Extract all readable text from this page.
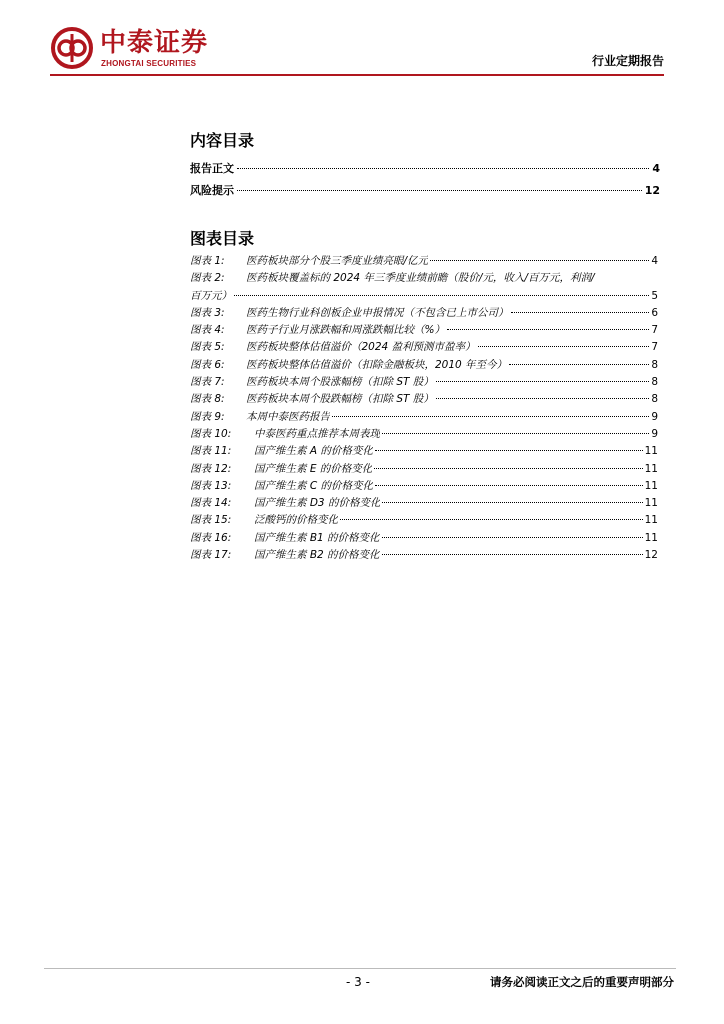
中泰证券
ZHONGTAI SECURITIES	行业定期报告
内容目录
报告正文	4
风险提示	12
图表目录
图表 1:	医药板块部分个股三季度业绩亮眼/亿元	4
图表 2:	医药板块覆盖标的 2024 年三季度业绩前瞻（股价/元，收入/百万元，利润/
百万元）	5
图表 3:	医药生物行业科创板企业申报情况（不包含已上市公司）	6
图表 4:	医药子行业月涨跌幅和周涨跌幅比较（%）	7
图表 5:	医药板块整体估值溢价（2024 盈利预测市盈率）	7
图表 6:	医药板块整体估值溢价（扣除金融板块，2010 年至今）	8
图表 7:	医药板块本周个股涨幅榜（扣除 ST 股）	8
图表 8:	医药板块本周个股跌幅榜（扣除 ST 股）	8
图表 9:	本周中泰医药报告	9
图表 10:	中泰医药重点推荐本周表现	9
图表 11:	国产维生素 A 的价格变化	11
图表 12:	国产维生素 E 的价格变化	11
图表 13:	国产维生素 C 的价格变化	11
图表 14:	国产维生素 D3 的价格变化	11
图表 15:	泛酸钙的价格变化	11
图表 16:	国产维生素 B1 的价格变化	11
图表 17:	国产维生素 B2 的价格变化	12
- 3 -	请务必阅读正文之后的重要声明部分
